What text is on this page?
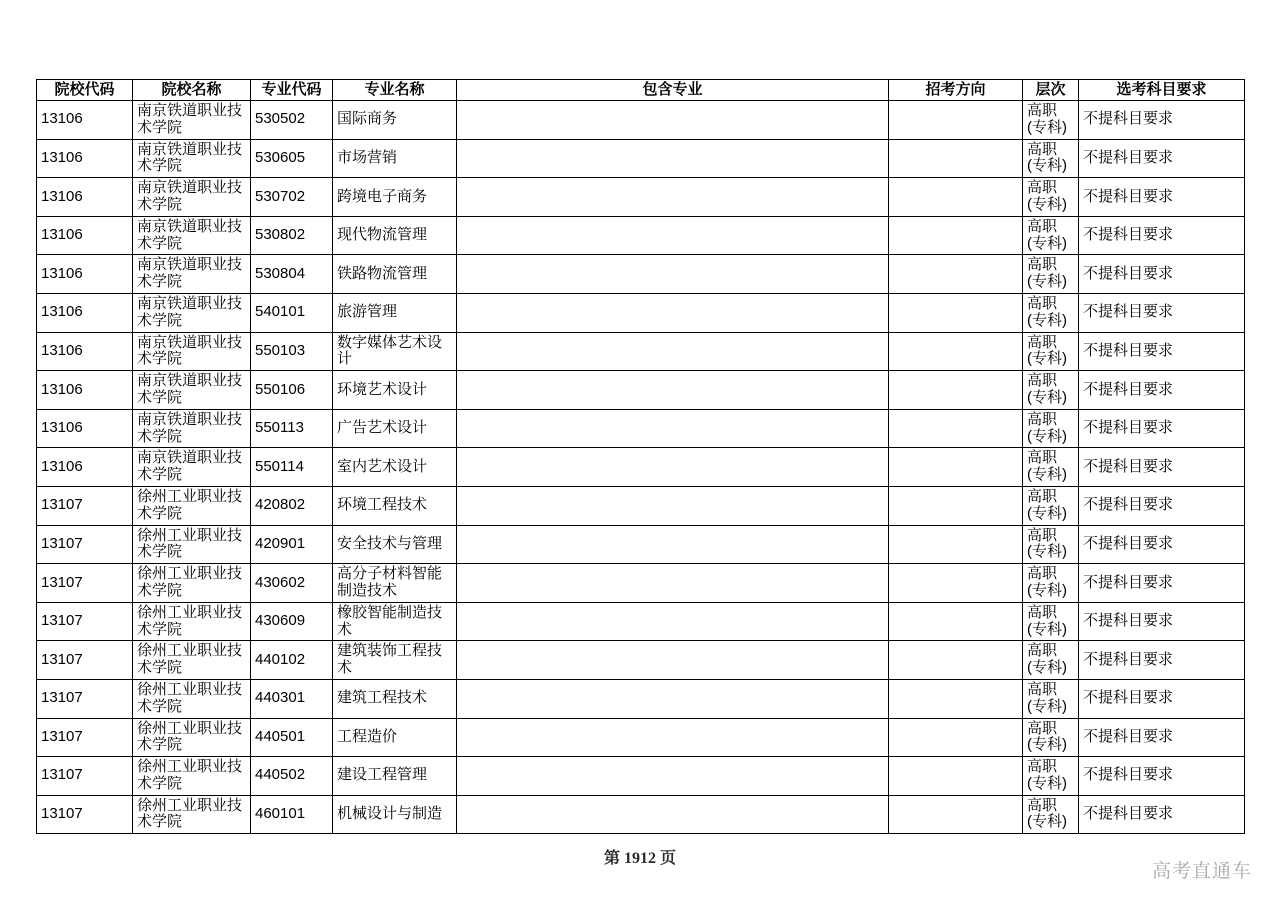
院校代码	院校名称	专业代码	专业名称	包含专业	招考方向	层次	选考科目要求
13106	南京铁道职业技术学院	530502	国际商务			高职(专科)	不提科目要求
13106	南京铁道职业技术学院	530605	市场营销			高职(专科)	不提科目要求
13106	南京铁道职业技术学院	530702	跨境电子商务			高职(专科)	不提科目要求
13106	南京铁道职业技术学院	530802	现代物流管理			高职(专科)	不提科目要求
13106	南京铁道职业技术学院	530804	铁路物流管理			高职(专科)	不提科目要求
13106	南京铁道职业技术学院	540101	旅游管理			高职(专科)	不提科目要求
13106	南京铁道职业技术学院	550103	数字媒体艺术设计			高职(专科)	不提科目要求
13106	南京铁道职业技术学院	550106	环境艺术设计			高职(专科)	不提科目要求
13106	南京铁道职业技术学院	550113	广告艺术设计			高职(专科)	不提科目要求
13106	南京铁道职业技术学院	550114	室内艺术设计			高职(专科)	不提科目要求
13107	徐州工业职业技术学院	420802	环境工程技术			高职(专科)	不提科目要求
13107	徐州工业职业技术学院	420901	安全技术与管理			高职(专科)	不提科目要求
13107	徐州工业职业技术学院	430602	高分子材料智能制造技术			高职(专科)	不提科目要求
13107	徐州工业职业技术学院	430609	橡胶智能制造技术			高职(专科)	不提科目要求
13107	徐州工业职业技术学院	440102	建筑装饰工程技术			高职(专科)	不提科目要求
13107	徐州工业职业技术学院	440301	建筑工程技术			高职(专科)	不提科目要求
13107	徐州工业职业技术学院	440501	工程造价			高职(专科)	不提科目要求
13107	徐州工业职业技术学院	440502	建设工程管理			高职(专科)	不提科目要求
13107	徐州工业职业技术学院	460101	机械设计与制造			高职(专科)	不提科目要求
第 1912 页
高考直通车
